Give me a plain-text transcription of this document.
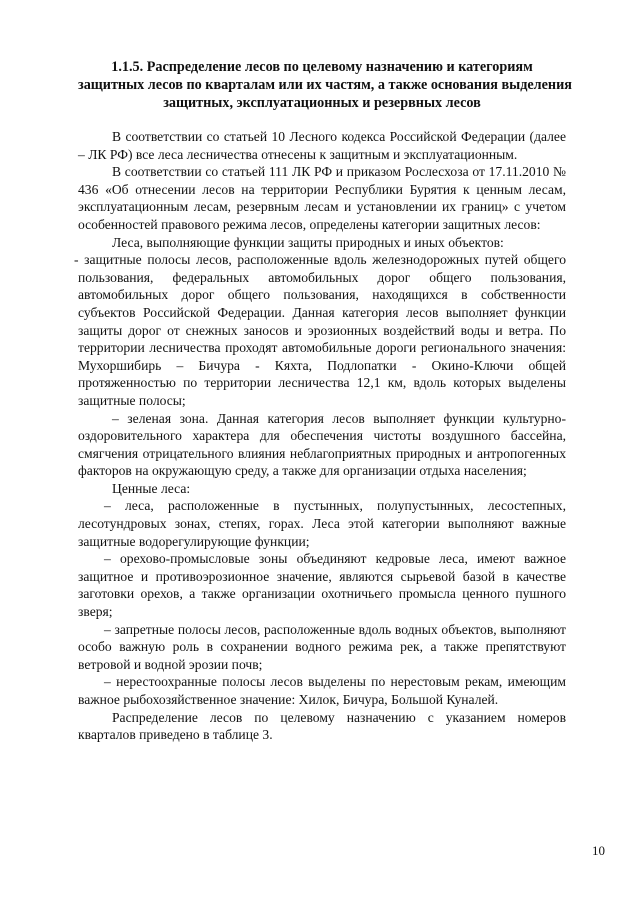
1.1.5. Распределение лесов по целевому назначению и категориям
защитных лесов по кварталам или их частям, а также основания выделения
защитных, эксплуатационных и резервных лесов

В соответствии со статьей 10 Лесного кодекса Российской Федерации (далее – ЛК РФ) все леса лесничества отнесены к защитным и эксплуатационным.

В соответствии со статьей 111 ЛК РФ и приказом Рослесхоза от 17.11.2010 № 436 «Об отнесении лесов на территории Республики Бурятия к ценным лесам, эксплуатационным лесам, резервным лесам и установлении их границ» с учетом особенностей правового режима лесов, определены категории защитных лесов:

Леса, выполняющие функции защиты природных и иных объектов:

- защитные полосы лесов, расположенные вдоль железнодорожных путей общего пользования, федеральных автомобильных дорог общего пользования, автомобильных дорог общего пользования, находящихся в собственности субъектов Российской Федерации. Данная категория лесов выполняет функции защиты дорог от снежных заносов и эрозионных воздействий воды и ветра. По территории лесничества проходят автомобильные дороги регионального значения: Мухоршибирь – Бичура - Кяхта, Подлопатки - Окино-Ключи общей протяженностью по территории лесничества 12,1 км, вдоль которых выделены защитные полосы;

– зеленая зона. Данная категория лесов выполняет функции культурно-оздоровительного характера для обеспечения чистоты воздушного бассейна, смягчения отрицательного влияния неблагоприятных природных и антропогенных факторов на окружающую среду, а также для организации отдыха населения;

Ценные леса:

– леса, расположенные в пустынных, полупустынных, лесостепных, лесотундровых зонах, степях, горах. Леса этой категории выполняют важные защитные водорегулирующие функции;

– орехово-промысловые зоны объединяют кедровые леса, имеют важное защитное и противоэрозионное значение, являются сырьевой базой в качестве заготовки орехов, а также организации охотничьего промысла ценного пушного зверя;

– запретные полосы лесов, расположенные вдоль водных объектов, выполняют особо важную роль в сохранении водного режима рек, а также препятствуют ветровой и водной эрозии почв;

– нерестоохранные полосы лесов выделены по нерестовым рекам, имеющим важное рыбохозяйственное значение: Хилок, Бичура, Большой Куналей.

Распределение лесов по целевому назначению с указанием номеров кварталов приведено в таблице 3.

10
